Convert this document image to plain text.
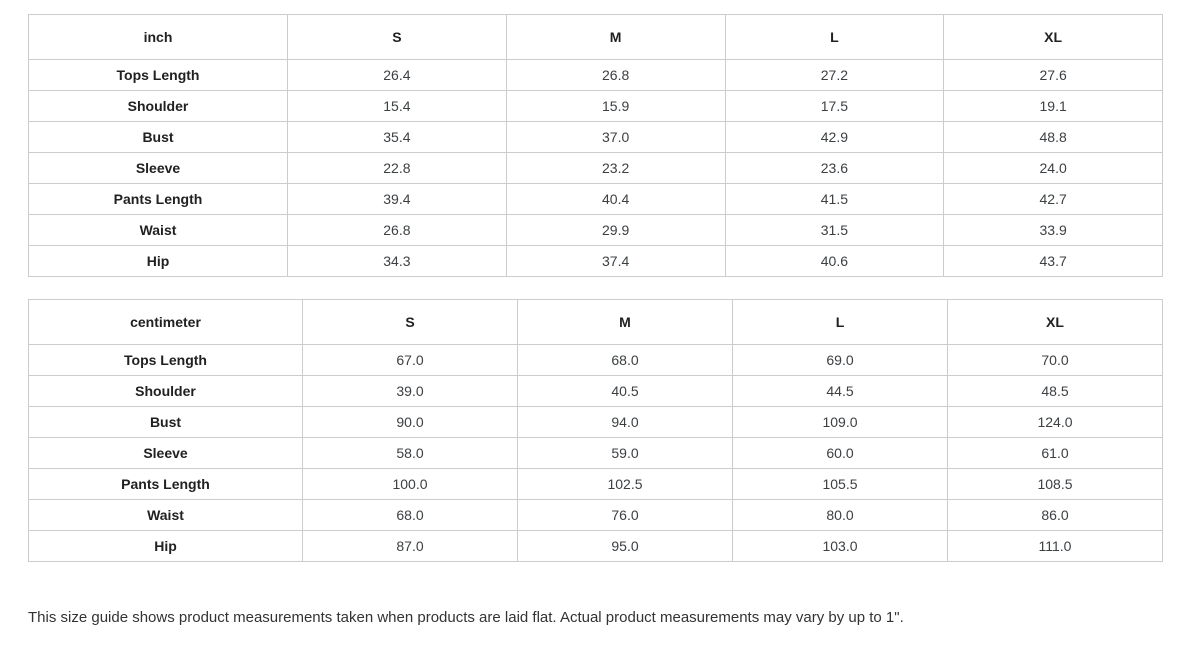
inch	S	M	L	XL
Tops Length	26.4	26.8	27.2	27.6
Shoulder	15.4	15.9	17.5	19.1
Bust	35.4	37.0	42.9	48.8
Sleeve	22.8	23.2	23.6	24.0
Pants Length	39.4	40.4	41.5	42.7
Waist	26.8	29.9	31.5	33.9
Hip	34.3	37.4	40.6	43.7
centimeter	S	M	L	XL
Tops Length	67.0	68.0	69.0	70.0
Shoulder	39.0	40.5	44.5	48.5
Bust	90.0	94.0	109.0	124.0
Sleeve	58.0	59.0	60.0	61.0
Pants Length	100.0	102.5	105.5	108.5
Waist	68.0	76.0	80.0	86.0
Hip	87.0	95.0	103.0	111.0

This size guide shows product measurements taken when products are laid flat. Actual product measurements may vary by up to 1".
